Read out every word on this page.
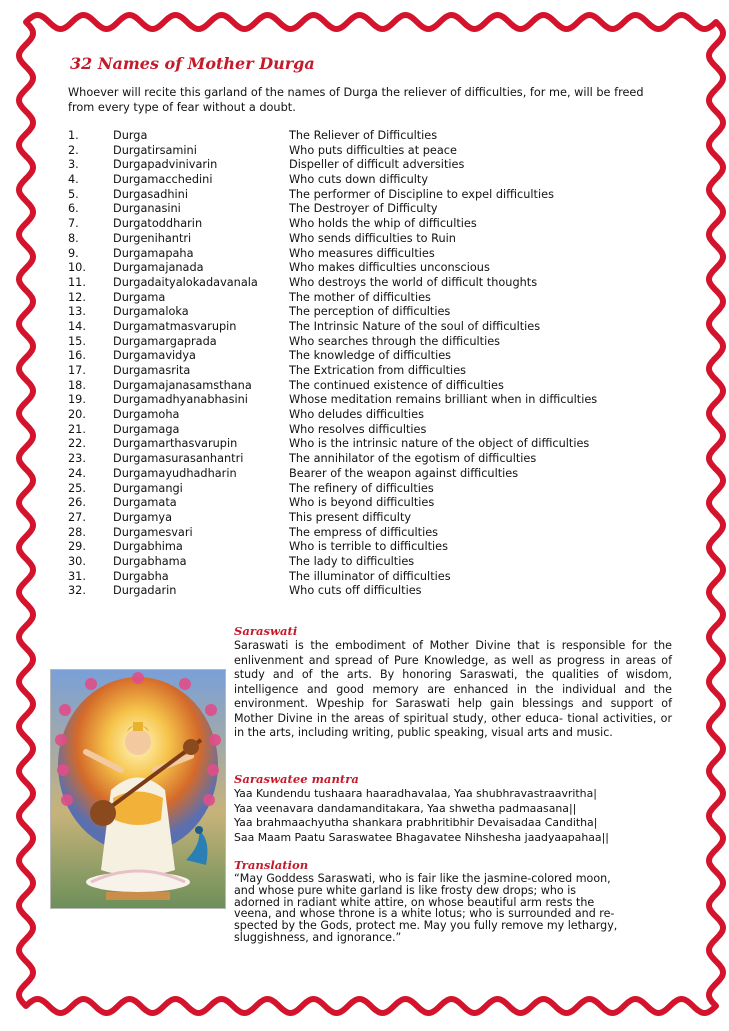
32 Names of Mother Durga
Whoever will recite this garland of the names of Durga the reliever of difficulties, for me, will be freed from every type of fear without a doubt.
1.	Durga	The Reliever of Difficulties
2.	Durgatirsamini	Who puts difficulties at peace
3.	Durgapadvinivarin	Dispeller of difficult adversities
4.	Durgamacchedini	Who cuts down difficulty
5.	Durgasadhini	The performer of Discipline to expel difficulties
6.	Durganasini	The Destroyer of Difficulty
7.	Durgatoddharin	Who holds the whip of difficulties
8.	Durgenihantri	Who sends difficulties to Ruin
9.	Durgamapaha	Who measures difficulties
10. Durgamajanada	Who makes difficulties unconscious
11. Durgadaityalokadavanala	Who destroys the world of difficult thoughts
12. Durgama	The mother of difficulties
13. Durgamaloka	The perception of difficulties
14. Durgamatmasvarupin	The Intrinsic Nature of the soul of difficulties
15. Durgamargaprada	Who searches through the difficulties
16. Durgamavidya	The knowledge of difficulties
17. Durgamasrita	The Extrication from difficulties
18. Durgamajanasamsthana	The continued existence of difficulties
19. Durgamadhyanabhasini	Whose meditation remains brilliant when in difficulties
20. Durgamoha	Who deludes difficulties
21. Durgamaga	Who resolves difficulties
22. Durgamarthasvarupin	Who is the intrinsic nature of the object of difficulties
23. Durgamasurasanhantri	The annihilator of the egotism of difficulties
24. Durgamayudhadharin	Bearer of the weapon against difficulties
25. Durgamangi	The refinery of difficulties
26. Durgamata	Who is beyond difficulties
27. Durgamya	This present difficulty
28. Durgamesvari	The empress of difficulties
29. Durgabhima	Who is terrible to difficulties
30. Durgabhama	The lady to difficulties
31. Durgabha	The illuminator of difficulties
32. Durgadarin	Who cuts off difficulties
Saraswati
Saraswati is the embodiment of Mother Divine that is responsible for the enlivenment and spread of Pure Knowledge, as well as progress in areas of study and of the arts. By honoring Saraswati, the qualities of wisdom, intelligence and good memory are enhanced in the individual and the environment. Wpeship for Saraswati help gain blessings and support of Mother Divine in the areas of spiritual study, other educa- tional activities, or in the arts, including writing, public speaking, visual arts and music.
Saraswatee mantra
Yaa Kundendu tushaara haaradhavalaa, Yaa shubhravastraavritha|
Yaa veenavara dandamanditakara, Yaa shwetha padmaasana||
Yaa brahmaachyutha shankara prabhritibhir Devaisadaa Canditha|
Saa Maam Paatu Saraswatee Bhagavatee Nihshesha jaadyaapahaa||
Translation
“May Goddess Saraswati, who is fair like the jasmine-colored moon,
and whose pure white garland is like frosty dew drops; who is
adorned in radiant white attire, on whose beautiful arm rests the
veena, and whose throne is a white lotus; who is surrounded and re-
spected by the Gods, protect me. May you fully remove my lethargy,
sluggishness, and ignorance.”
